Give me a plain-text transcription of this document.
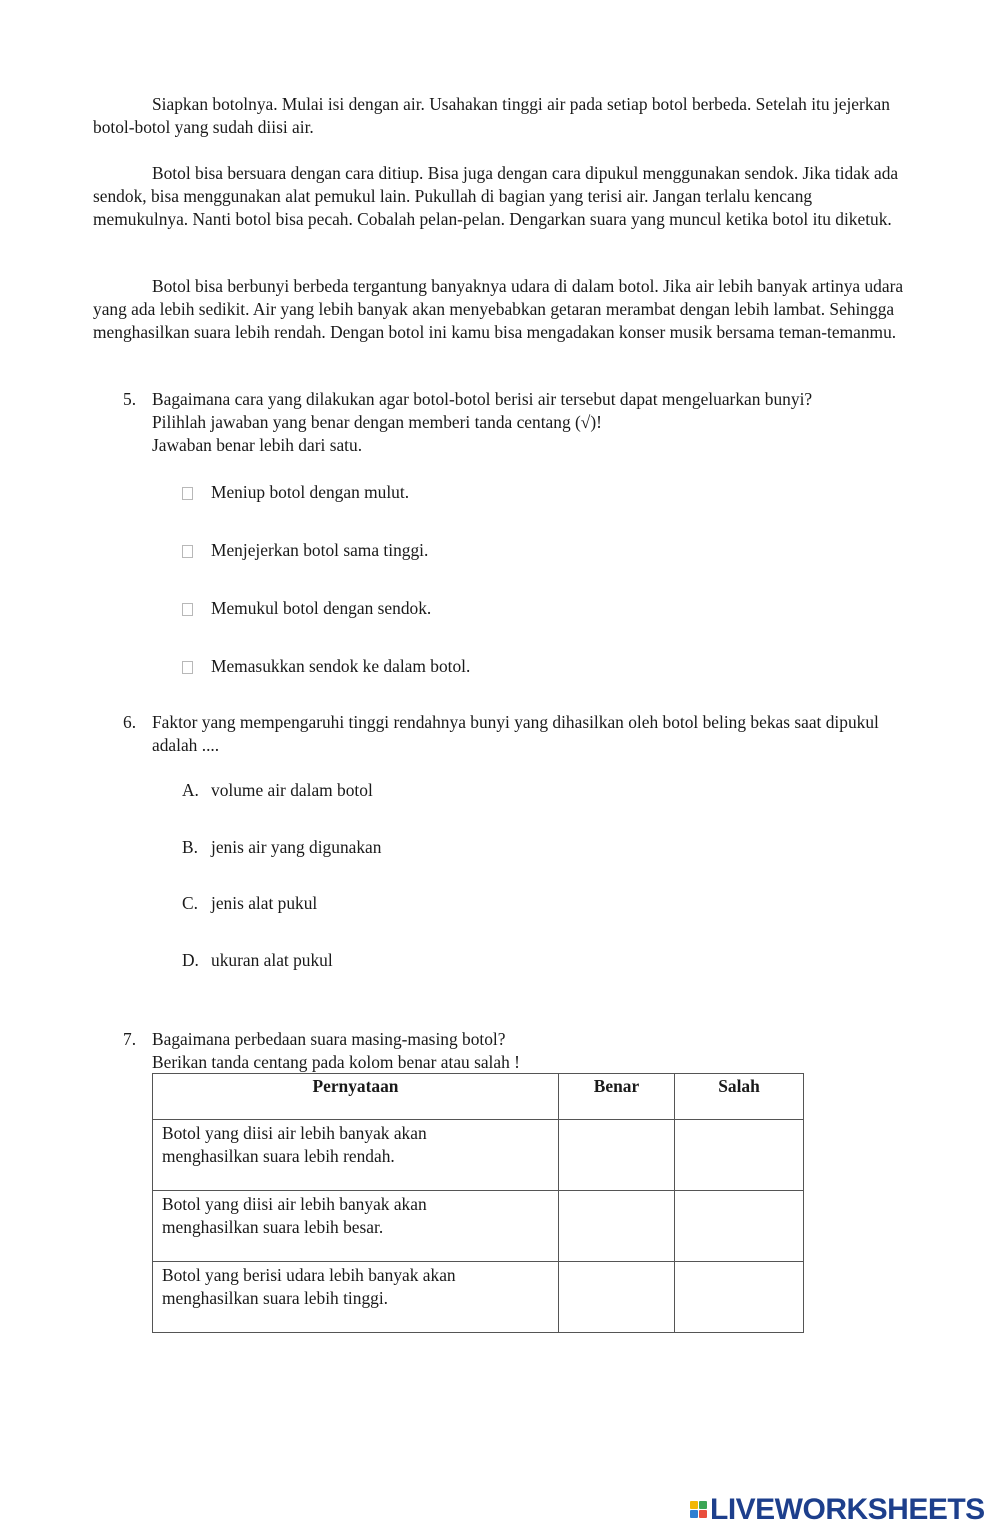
Siapkan botolnya. Mulai isi dengan air. Usahakan tinggi air pada setiap botol berbeda. Setelah itu jejerkan botol-botol yang sudah diisi air.

Botol bisa bersuara dengan cara ditiup. Bisa juga dengan cara dipukul menggunakan sendok. Jika tidak ada sendok, bisa menggunakan alat pemukul lain. Pukullah di bagian yang terisi air. Jangan terlalu kencang memukulnya. Nanti botol bisa pecah. Cobalah pelan-pelan. Dengarkan suara yang muncul ketika botol itu diketuk.

Botol bisa berbunyi berbeda tergantung banyaknya udara di dalam botol. Jika air lebih banyak artinya udara yang ada lebih sedikit. Air yang lebih banyak akan menyebabkan getaran merambat dengan lebih lambat. Sehingga menghasilkan suara lebih rendah. Dengan botol ini kamu bisa mengadakan konser musik bersama teman-temanmu.

5. Bagaimana cara yang dilakukan agar botol-botol berisi air tersebut dapat mengeluarkan bunyi?
Pilihlah jawaban yang benar dengan memberi tanda centang (√)!
Jawaban benar lebih dari satu.
Meniup botol dengan mulut.
Menjejerkan botol sama tinggi.
Memukul botol dengan sendok.
Memasukkan sendok ke dalam botol.
6. Faktor yang mempengaruhi tinggi rendahnya bunyi yang dihasilkan oleh botol beling bekas saat dipukul adalah ....

A. volume air dalam botol
B. jenis air yang digunakan
C. jenis alat pukul
D. ukuran alat pukul
7. Bagaimana perbedaan suara masing-masing botol?
Berikan tanda centang pada kolom benar atau salah !
Pernyataan	Benar	Salah

Botol yang diisi air lebih banyak akan
menghasilkan suara lebih rendah.		

Botol yang diisi air lebih banyak akan
menghasilkan suara lebih besar.		

Botol yang berisi udara lebih banyak akan
menghasilkan suara lebih tinggi.		

LIVEWORKSHEETS
